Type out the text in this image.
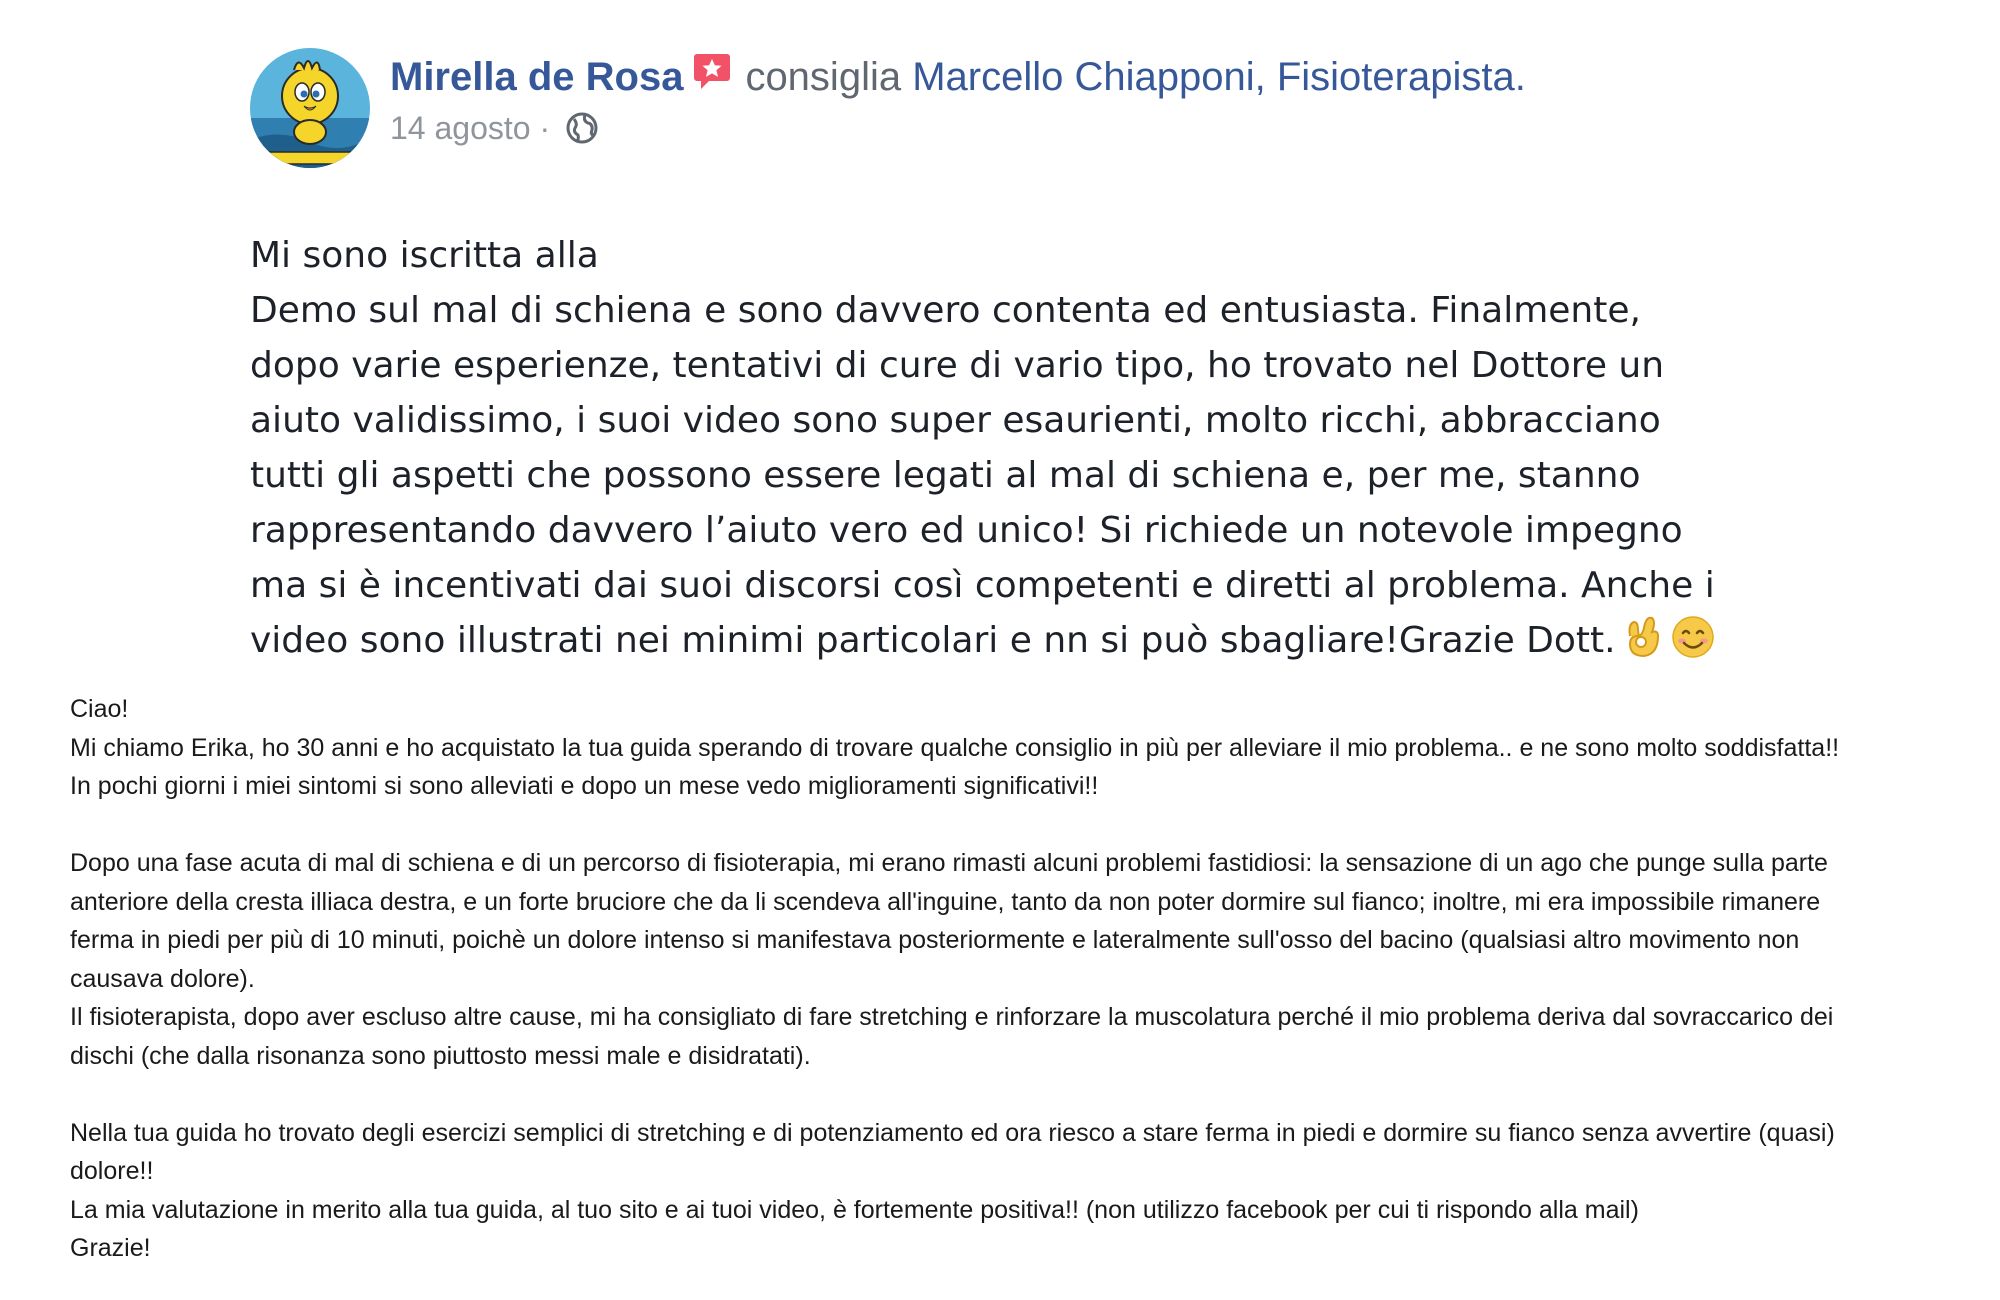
Mirella de Rosa consiglia Marcello Chiapponi, Fisioterapista.
14 agosto ·

Mi sono iscritta alla

Demo sul mal di schiena e sono davvero contenta ed entusiasta. Finalmente,

dopo varie esperienze, tentativi di cure di vario tipo, ho trovato nel Dottore un

aiuto validissimo, i suoi video sono super esaurienti, molto ricchi, abbracciano

tutti gli aspetti che possono essere legati al mal di schiena e, per me, stanno

rappresentando davvero l’aiuto vero ed unico! Si richiede un notevole impegno

ma si è incentivati dai suoi discorsi così competenti e diretti al problema. Anche i

video sono illustrati nei minimi particolari e nn si può sbagliare!Grazie Dott.

Ciao!

Mi chiamo Erika, ho 30 anni e ho acquistato la tua guida sperando di trovare qualche consiglio in più per alleviare il mio problema.. e ne sono molto soddisfatta!!

In pochi giorni i miei sintomi si sono alleviati e dopo un mese vedo miglioramenti significativi!!

Dopo una fase acuta di mal di schiena e di un percorso di fisioterapia, mi erano rimasti alcuni problemi fastidiosi: la sensazione di un ago che punge sulla parte

anteriore della cresta illiaca destra, e un forte bruciore che da li scendeva all'inguine, tanto da non poter dormire sul fianco; inoltre, mi era impossibile rimanere

ferma in piedi per più di 10 minuti, poichè un dolore intenso si manifestava posteriormente e lateralmente sull'osso del bacino (qualsiasi altro movimento non

causava dolore).

Il fisioterapista, dopo aver escluso altre cause, mi ha consigliato di fare stretching e rinforzare la muscolatura perché il mio problema deriva dal sovraccarico dei

dischi (che dalla risonanza sono piuttosto messi male e disidratati).

Nella tua guida ho trovato degli esercizi semplici di stretching e di potenziamento ed ora riesco a stare ferma in piedi e dormire su fianco senza avvertire (quasi)

dolore!!

La mia valutazione in merito alla tua guida, al tuo sito e ai tuoi video, è fortemente positiva!! (non utilizzo facebook per cui ti rispondo alla mail)

Grazie!
